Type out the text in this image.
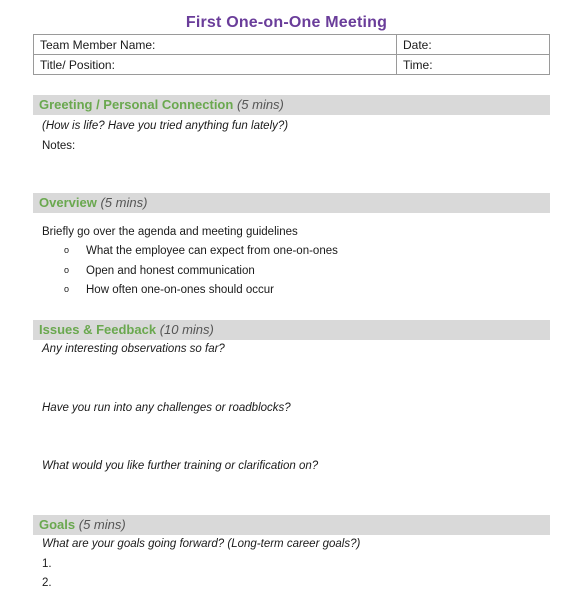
First One-on-One Meeting
Team Member Name:	Date:
Title/ Position:	Time:
Greeting / Personal Connection (5 mins)
(How is life? Have you tried anything fun lately?)
Notes:
Overview (5 mins)
Briefly go over the agenda and meeting guidelines
o What the employee can expect from one-on-ones
o Open and honest communication
o How often one-on-ones should occur
Issues & Feedback (10 mins)
Any interesting observations so far?
Have you run into any challenges or roadblocks?
What would you like further training or clarification on?
Goals (5 mins)
What are your goals going forward? (Long-term career goals?)
1.
2.
